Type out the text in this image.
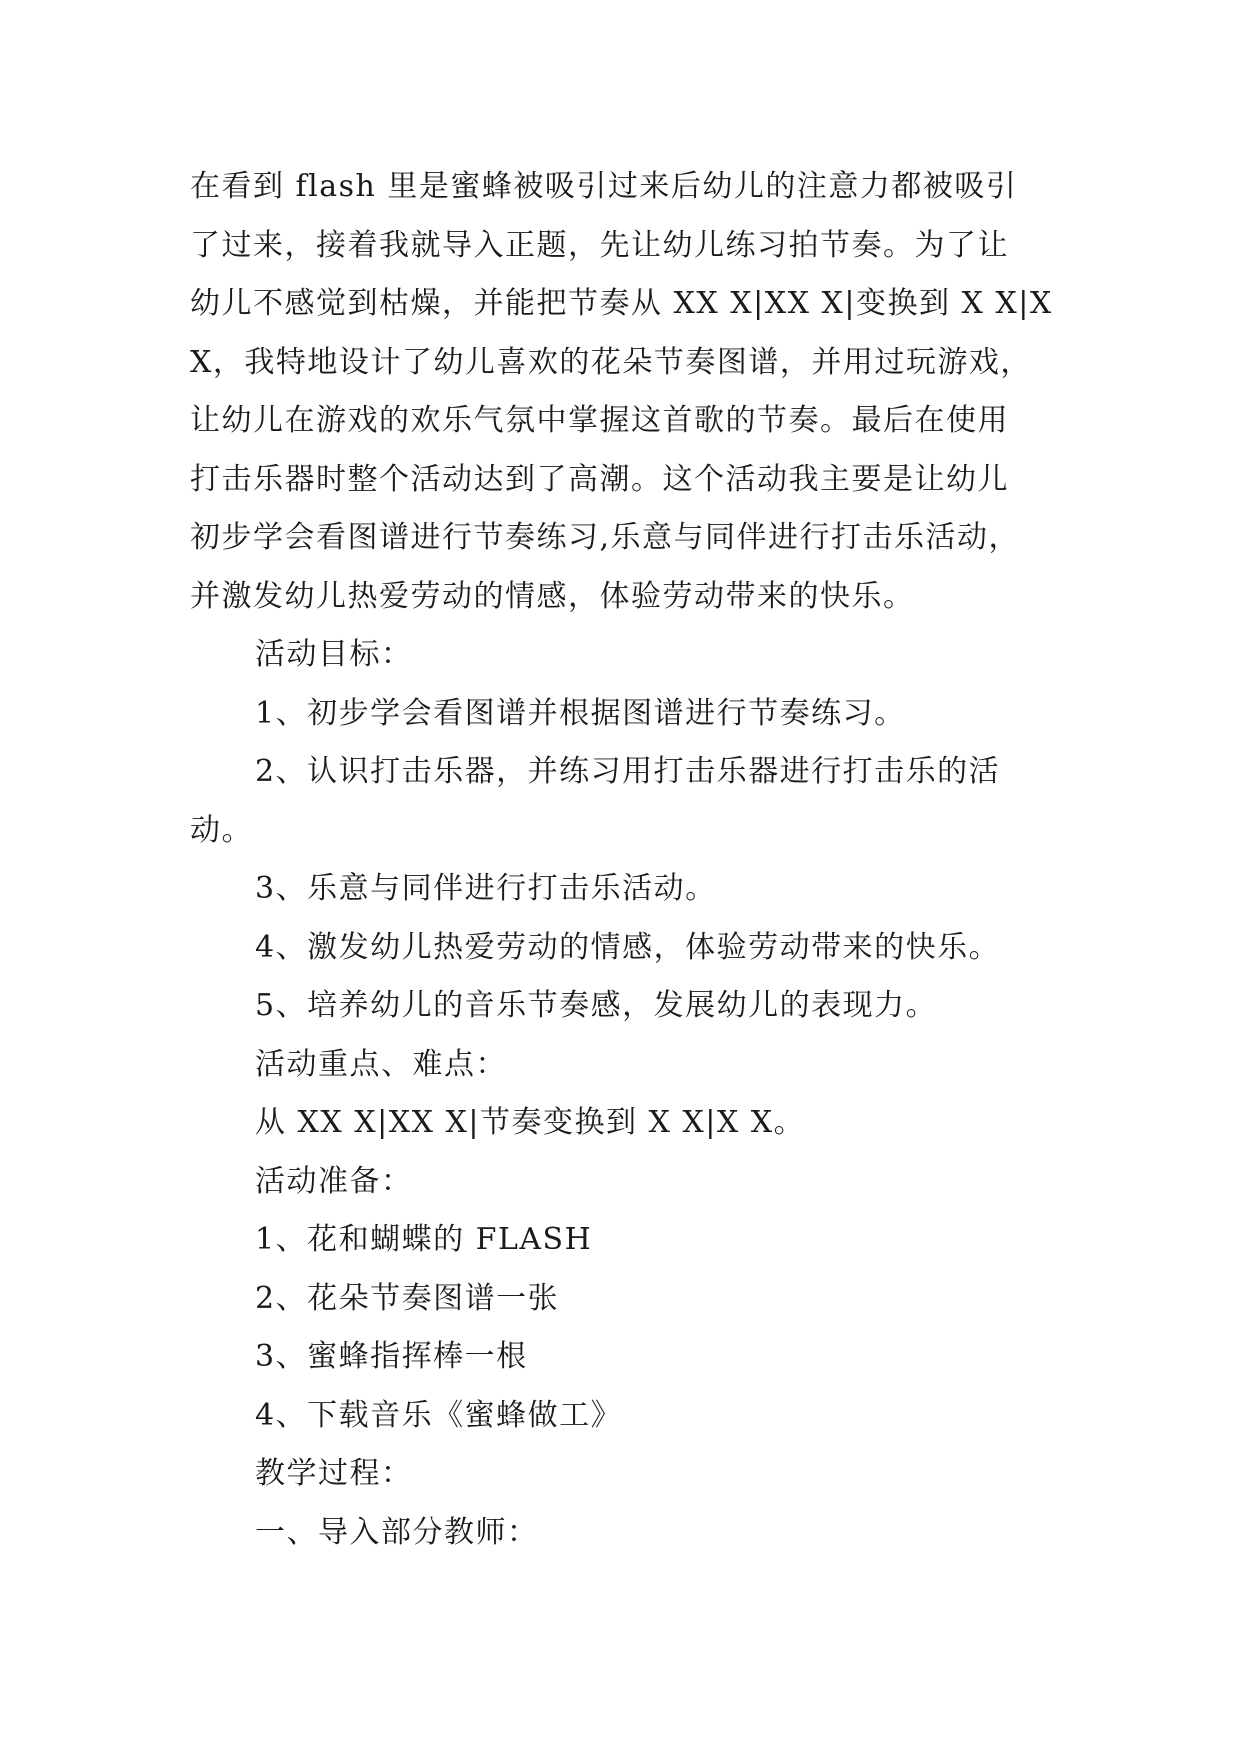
在看到 flash 里是蜜蜂被吸引过来后幼儿的注意力都被吸引
了过来，接着我就导入正题，先让幼儿练习拍节奏。为了让
幼儿不感觉到枯燥，并能把节奏从 XX X|XX X|变换到 X X|X
X，我特地设计了幼儿喜欢的花朵节奏图谱，并用过玩游戏，
让幼儿在游戏的欢乐气氛中掌握这首歌的节奏。最后在使用
打击乐器时整个活动达到了高潮。这个活动我主要是让幼儿
初步学会看图谱进行节奏练习,乐意与同伴进行打击乐活动，
并激发幼儿热爱劳动的情感，体验劳动带来的快乐。
活动目标：
1、初步学会看图谱并根据图谱进行节奏练习。
2、认识打击乐器，并练习用打击乐器进行打击乐的活
动。
3、乐意与同伴进行打击乐活动。
4、激发幼儿热爱劳动的情感，体验劳动带来的快乐。
5、培养幼儿的音乐节奏感，发展幼儿的表现力。
活动重点、难点：
从 XX X|XX X|节奏变换到 X X|X X。
活动准备：
1、花和蝴蝶的 FLASH
2、花朵节奏图谱一张
3、蜜蜂指挥棒一根
4、下载音乐《蜜蜂做工》
教学过程：
一、导入部分教师：
